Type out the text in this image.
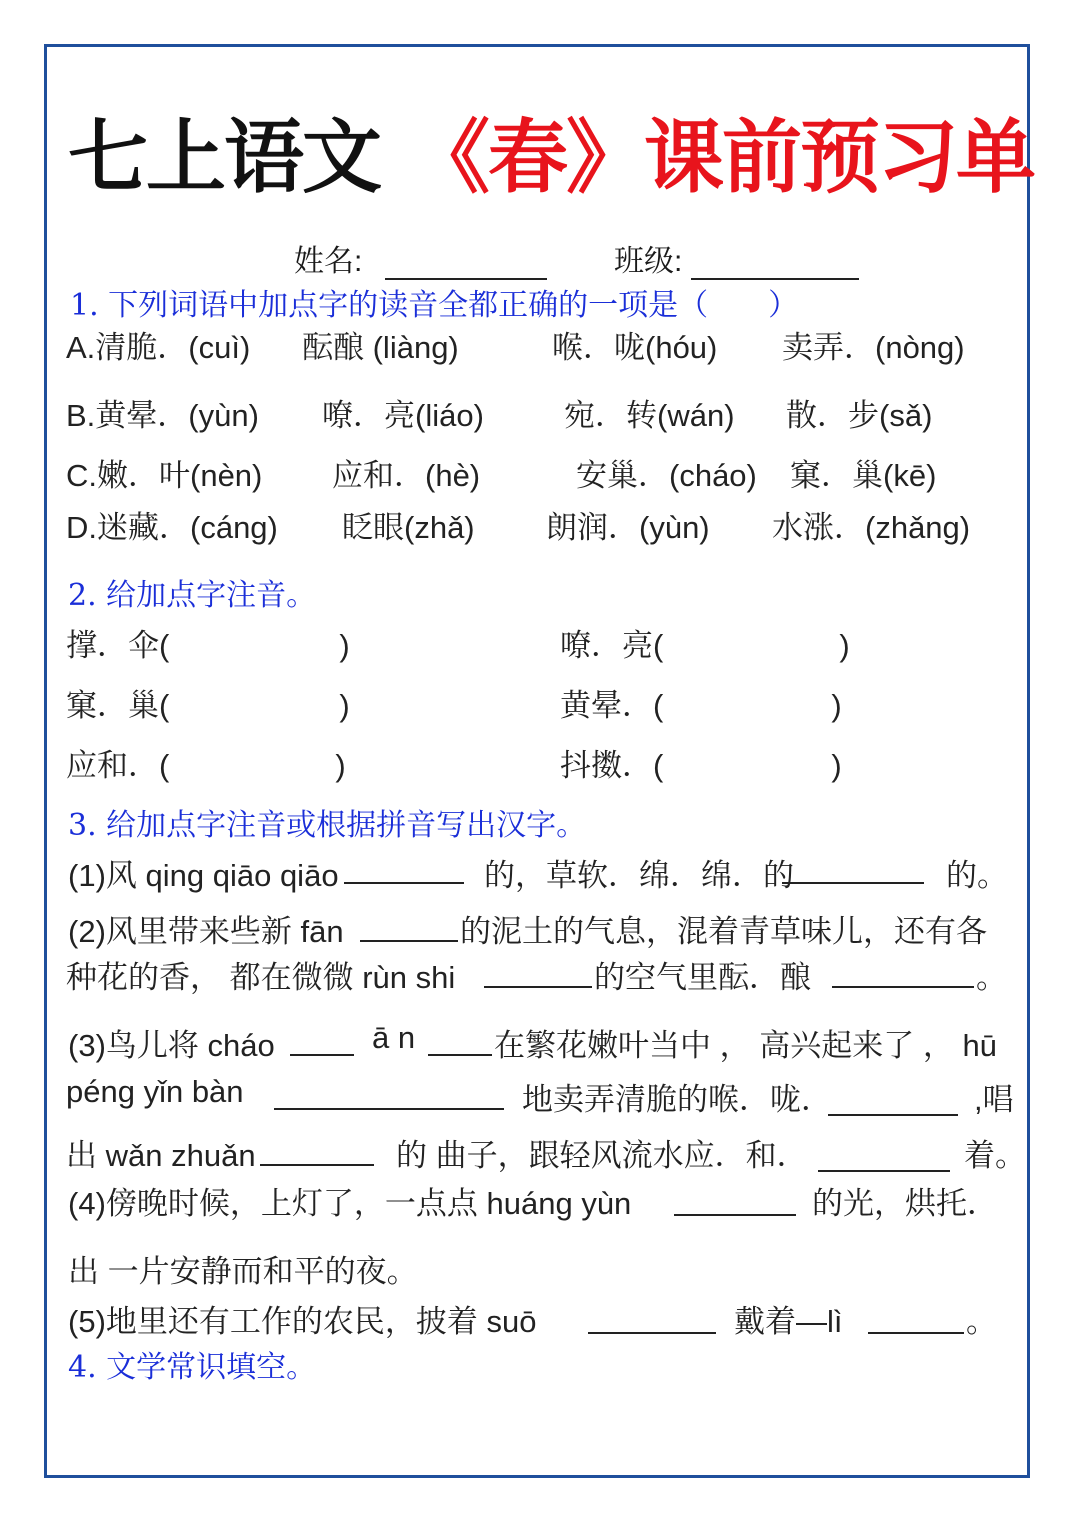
七上语文 《春》课前预习单
姓名:	班级:
1. 下列词语中加点字的读音全都正确的一项是（　　）
A.清脆．(cuì) 酝酿 (liàng)	喉．咙(hóu) 卖弄．(nòng)
B.黄晕．(yùn) 嘹．亮(liáo)	宛．转(wán) 散．步(sǎ)
C.嫩．叶(nèn) 应和．(hè)	安巢．(cháo) 窠．巢(kē)
D.迷藏．(cáng) 眨眼(zhǎ) 朗润．(yùn) 水涨．(zhǎng)
2. 给加点字注音。
撑．伞(	)	嘹．亮(	)
窠．巢(	)	黄晕．(	)
应和．(	)	抖擞．(	)
3. 给加点字注音或根据拼音写出汉字。
(1)风 qing qiāo qiāo	的，草软．绵．绵．的	的。
(2)风里带来些新 fān	的泥土的气息，混着青草味儿，还有各
种花的香， 都在微微 rùn shi	的空气里酝．酿	。
(3)鸟儿将 cháo	ā n	在繁花嫩叶当中 ， 高兴起来了 ， hū
péng yǐn bàn	地卖弄清脆的喉．咙．	,唱
出 wǎn zhuǎn	的 曲子，跟轻风流水应．和．	着。
(4)傍晚时候，上灯了，一点点 huáng yùn	的光，烘托．
出 一片安静而和平的夜。
(5)地里还有工作的农民，披着 suō	戴着—lì	。
4. 文学常识填空。
